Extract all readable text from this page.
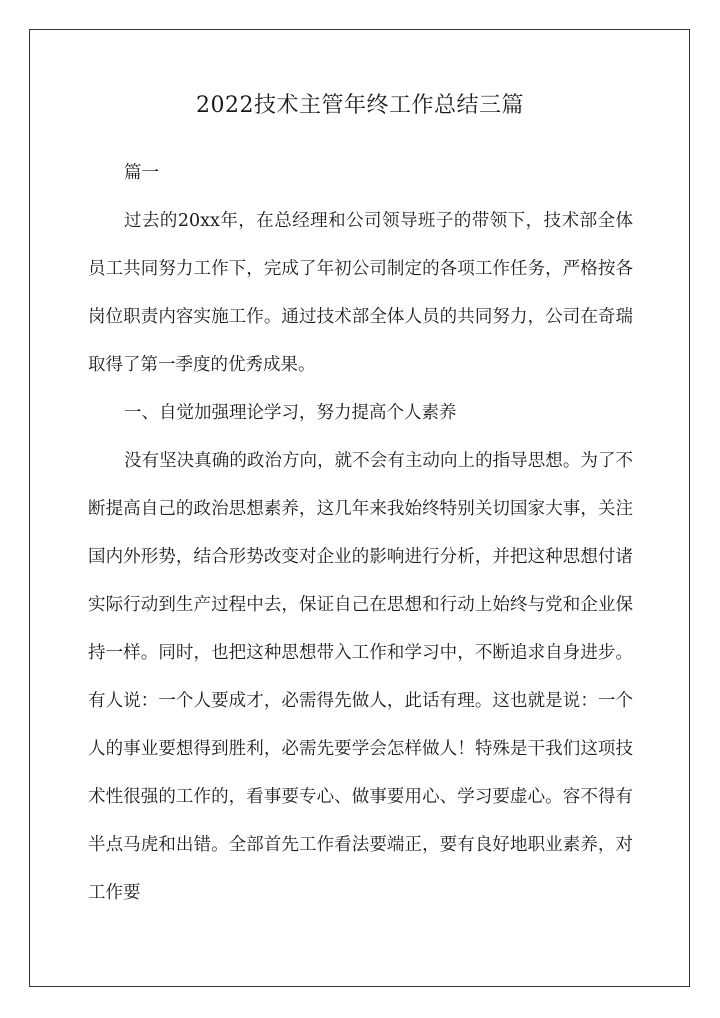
2022技术主管年终工作总结三篇

篇一

过去的20xx年，在总经理和公司领导班子的带领下，技术部全体员工共同努力工作下，完成了年初公司制定的各项工作任务，严格按各岗位职责内容实施工作。通过技术部全体人员的共同努力，公司在奇瑞取得了第一季度的优秀成果。

一、自觉加强理论学习，努力提高个人素养

没有坚决真确的政治方向，就不会有主动向上的指导思想。为了不断提高自己的政治思想素养，这几年来我始终特别关切国家大事，关注国内外形势，结合形势改变对企业的影响进行分析，并把这种思想付诸实际行动到生产过程中去，保证自己在思想和行动上始终与党和企业保持一样。同时，也把这种思想带入工作和学习中，不断追求自身进步。有人说：一个人要成才，必需得先做人，此话有理。这也就是说：一个人的事业要想得到胜利，必需先要学会怎样做人！特殊是干我们这项技术性很强的工作的，看事要专心、做事要用心、学习要虚心。容不得有半点马虎和出错。全部首先工作看法要端正，要有良好地职业素养，对工作要
